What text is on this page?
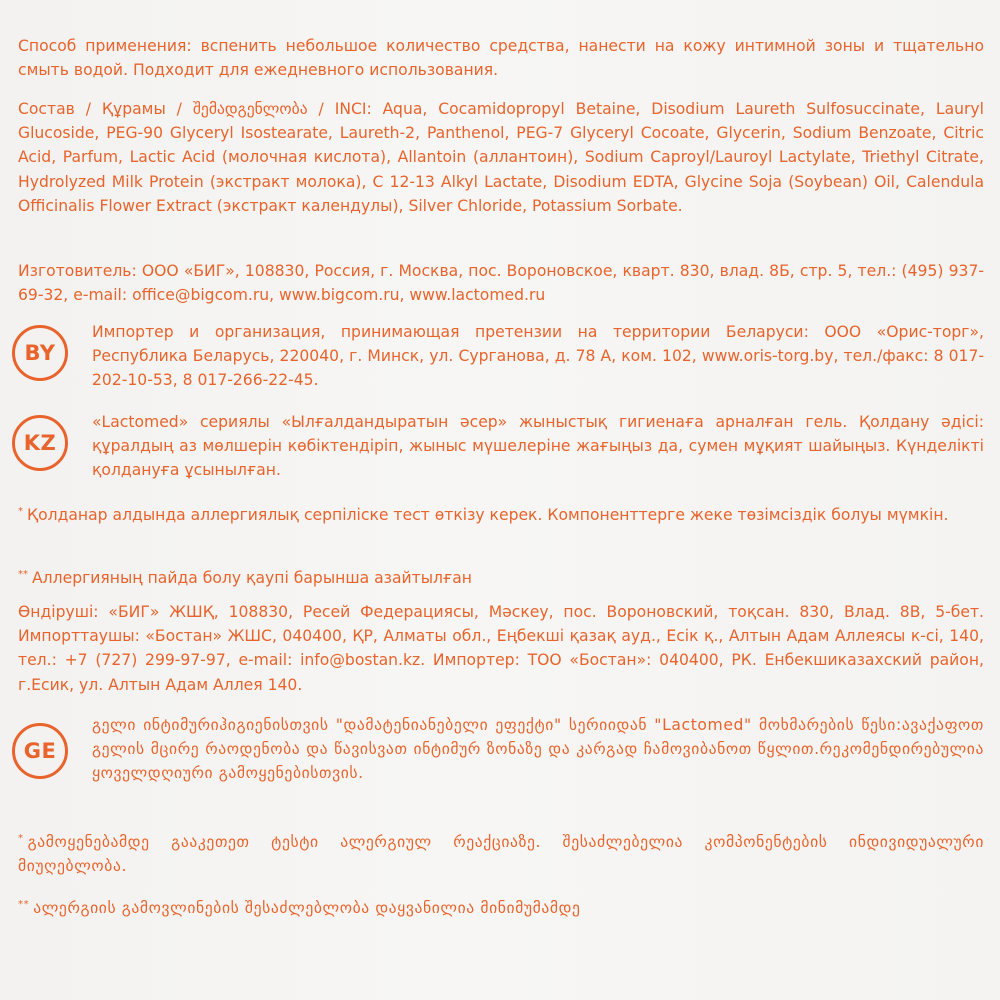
Способ применения: вспенить небольшое количество средства, нанести на кожу интимной зоны и тщательно смыть водой. Подходит для ежедневного использования.

Состав / Құрамы / შემადგენლობა / INCI: Aqua, Cocamidopropyl Betaine, Disodium Laureth Sulfosuccinate, Lauryl Glucoside, PEG-90 Glyceryl Isostearate, Laureth-2, Panthenol, PEG-7 Glyceryl Cocoate, Glycerin, Sodium Benzoate, Citric Acid, Parfum, Lactic Acid (молочная кислота), Allantoin (аллантоин), Sodium Caproyl/Lauroyl Lactylate, Triethyl Citrate, Hydrolyzed Milk Protein (экстракт молока), C 12-13 Alkyl Lactate, Disodium EDTA, Glycine Soja (Soybean) Oil, Calendula Officinalis Flower Extract (экстракт календулы), Silver Chloride, Potassium Sorbate.

Изготовитель: ООО «БИГ», 108830, Россия, г. Москва, пос. Вороновское, кварт. 830, влад. 8Б, стр. 5, тел.: (495) 937-69-32, e-mail: office@bigcom.ru, www.bigcom.ru, www.lactomed.ru

BY

Импортер и организация, принимающая претензии на территории Беларуси: ООО «Орис-торг», Республика Беларусь, 220040, г. Минск, ул. Сурганова, д. 78 А, ком. 102, www.oris-torg.by, тел./факс: 8 017-202-10-53, 8 017-266-22-45.

KZ

«Lactomed» сериялы «Ылғалдандыратын әсер» жыныстық гигиенаға арналған гель. Қолдану әдісі: құралдың аз мөлшерін көбіктендіріп, жыныс мүшелеріне жағыңыз да, сумен мұқият шайыңыз. Күнделікті қолдануға ұсынылған.

* Қолданар алдында аллергиялық серпіліске тест өткізу керек. Компоненттерге жеке төзімсіздік болуы мүмкін.

** Аллергияның пайда болу қаупі барынша азайтылған

Өндіруші: «БИГ» ЖШҚ, 108830, Ресей Федерациясы, Мәскеу, пос. Вороновский, тоқсан. 830, Влад. 8В, 5-бет. Импорттаушы: «Бостан» ЖШС, 040400, ҚР, Алматы обл., Еңбекші қазақ ауд., Есік қ., Алтын Адам Аллеясы к-сі, 140, тел.: +7 (727) 299-97-97, e-mail: info@bostan.kz. Импортер: ТОО «Бостан»: 040400, РК. Енбекшиказахский район, г.Есик, ул. Алтын Адам Аллея 140.

GE

გელი ინტიმურიჰიგიენისთვის "დამატენიანებელი ეფექტი" სერიიდან "Lactomed" მოხმარების წესი:ავაქაფოთ გელის მცირე რაოდენობა და წავისვათ ინტიმურ ზონაზე და კარგად ჩამოვიბანოთ წყლით.რეკომენდირებულია ყოველდღიური გამოყენებისთვის.

* გამოყენებამდე გააკეთეთ ტესტი ალერგიულ რეაქციაზე. შესაძლებელია კომპონენტების ინდივიდუალური მიუღებლობა.

** ალერგიის გამოვლინების შესაძლებლობა დაყვანილია მინიმუმამდე
